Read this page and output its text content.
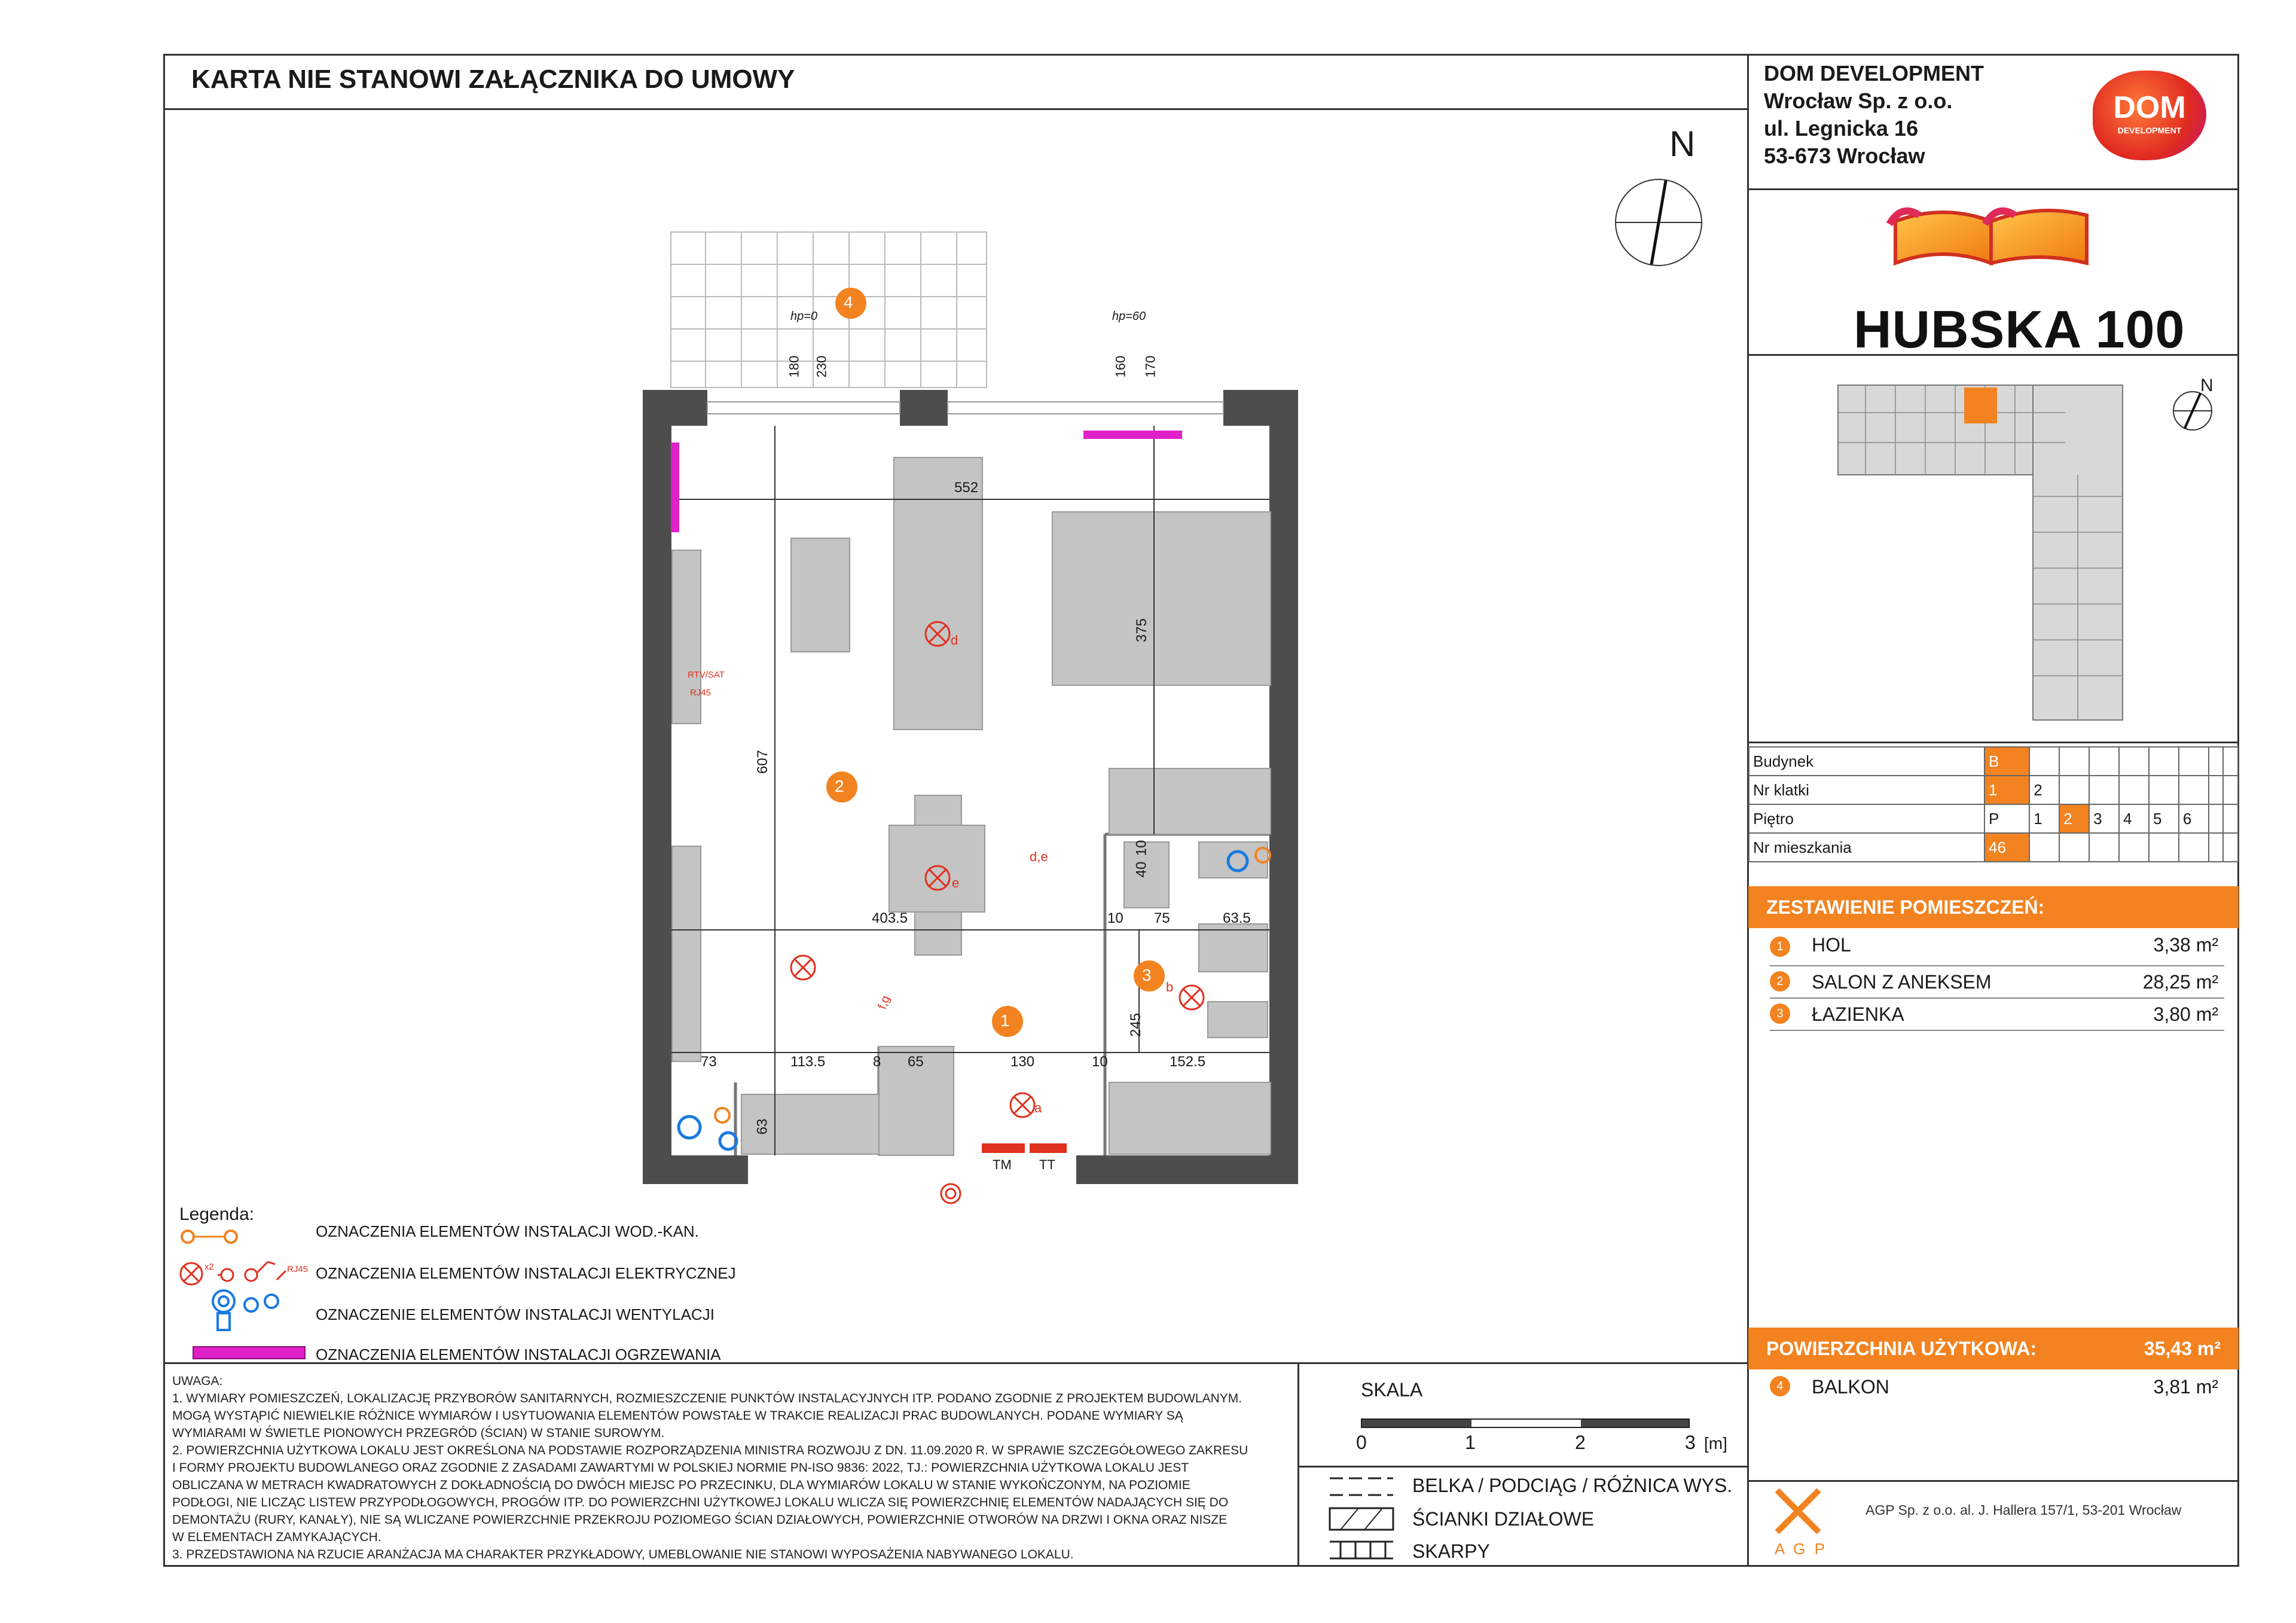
KARTA NIE STANOWI ZAŁĄCZNIKA DO UMOWY	DOM DEVELOPMENT
Wrocław Sp. z o.o.
ul. Legnicka 16
53-673 Wrocław
DOM
DEVELOPMENT
HUBSKA 100
N
N
Budynek	B								
Nr klatki	1	2							
Piętro	P	1	2	3	4	5	6		
Nr mieszkania	46								
ZESTAWIENIE POMIESZCZEŃ:
1 HOL	3,38 m²
2 SALON Z ANEKSEM	28,25 m²
3 ŁAZIENKA	3,80 m²
POWIERZCHNIA UŻYTKOWA:	35,43 m²
4 BALKON	3,81 m²
A G P
AGP Sp. z o.o. al. J. Hallera 157/1, 53-201 Wrocław
4
2
1
3
hp=0	hp=60
180 230	160 170
552
375
607
403.5	10 75	63.5
40
10
245
73	113.5	8 65	130	10	152.5
63
TM TT
RTV/SAT
RJ45
d
e
a
b
f,g
d,e
Legenda:
OZNACZENIA ELEMENTÓW INSTALACJI WOD.-KAN.
x2	RJ45 OZNACZENIA ELEMENTÓW INSTALACJI ELEKTRYCZNEJ
OZNACZENIE ELEMENTÓW INSTALACJI WENTYLACJI
OZNACZENIA ELEMENTÓW INSTALACJI OGRZEWANIA

UWAGA:

1. WYMIARY POMIESZCZEŃ, LOKALIZACJĘ PRZYBORÓW SANITARNYCH, ROZMIESZCZENIE PUNKTÓW INSTALACYJNYCH ITP. PODANO ZGODNIE Z PROJEKTEM BUDOWLANYM.

MOGĄ WYSTĄPIĆ NIEWIELKIE RÓŻNICE WYMIARÓW I USYTUOWANIA ELEMENTÓW POWSTAŁE W TRAKCIE REALIZACJI PRAC BUDOWLANYCH. PODANE WYMIARY SĄ

WYMIARAMI W ŚWIETLE PIONOWYCH PRZEGRÓD (ŚCIAN) W STANIE SUROWYM.

2. POWIERZCHNIA UŻYTKOWA LOKALU JEST OKREŚLONA NA PODSTAWIE ROZPORZĄDZENIA MINISTRA ROZWOJU Z DN. 11.09.2020 R. W SPRAWIE SZCZEGÓŁOWEGO ZAKRESU

I FORMY PROJEKTU BUDOWLANEGO ORAZ ZGODNIE Z ZASADAMI ZAWARTYMI W POLSKIEJ NORMIE PN-ISO 9836: 2022, TJ.: POWIERZCHNIA UŻYTKOWA LOKALU JEST

OBLICZANA W METRACH KWADRATOWYCH Z DOKŁADNOŚCIĄ DO DWÓCH MIEJSC PO PRZECINKU, DLA WYMIARÓW LOKALU W STANIE WYKOŃCZONYM, NA POZIOMIE

PODŁOGI, NIE LICZĄC LISTEW PRZYPODŁOGOWYCH, PROGÓW ITP. DO POWIERZCHNI UŻYTKOWEJ LOKALU WLICZA SIĘ POWIERZCHNIĘ ELEMENTÓW NADAJĄCYCH SIĘ DO

DEMONTAŻU (RURY, KANAŁY), NIE SĄ WLICZANE POWIERZCHNIE PRZEKROJU POZIOMEGO ŚCIAN DZIAŁOWYCH, POWIERZCHNIE OTWORÓW NA DRZWI I OKNA ORAZ NISZE

W ELEMENTACH ZAMYKAJĄCYCH.

3. PRZEDSTAWIONA NA RZUCIE ARANŻACJA MA CHARAKTER PRZYKŁADOWY, UMEBLOWANIE NIE STANOWI WYPOSAŻENIA NABYWANEGO LOKALU.

SKALA
0	1	2	3 [m]
BELKA / PODCIĄG / RÓŻNICA WYS.
ŚCIANKI DZIAŁOWE
SKARPY
